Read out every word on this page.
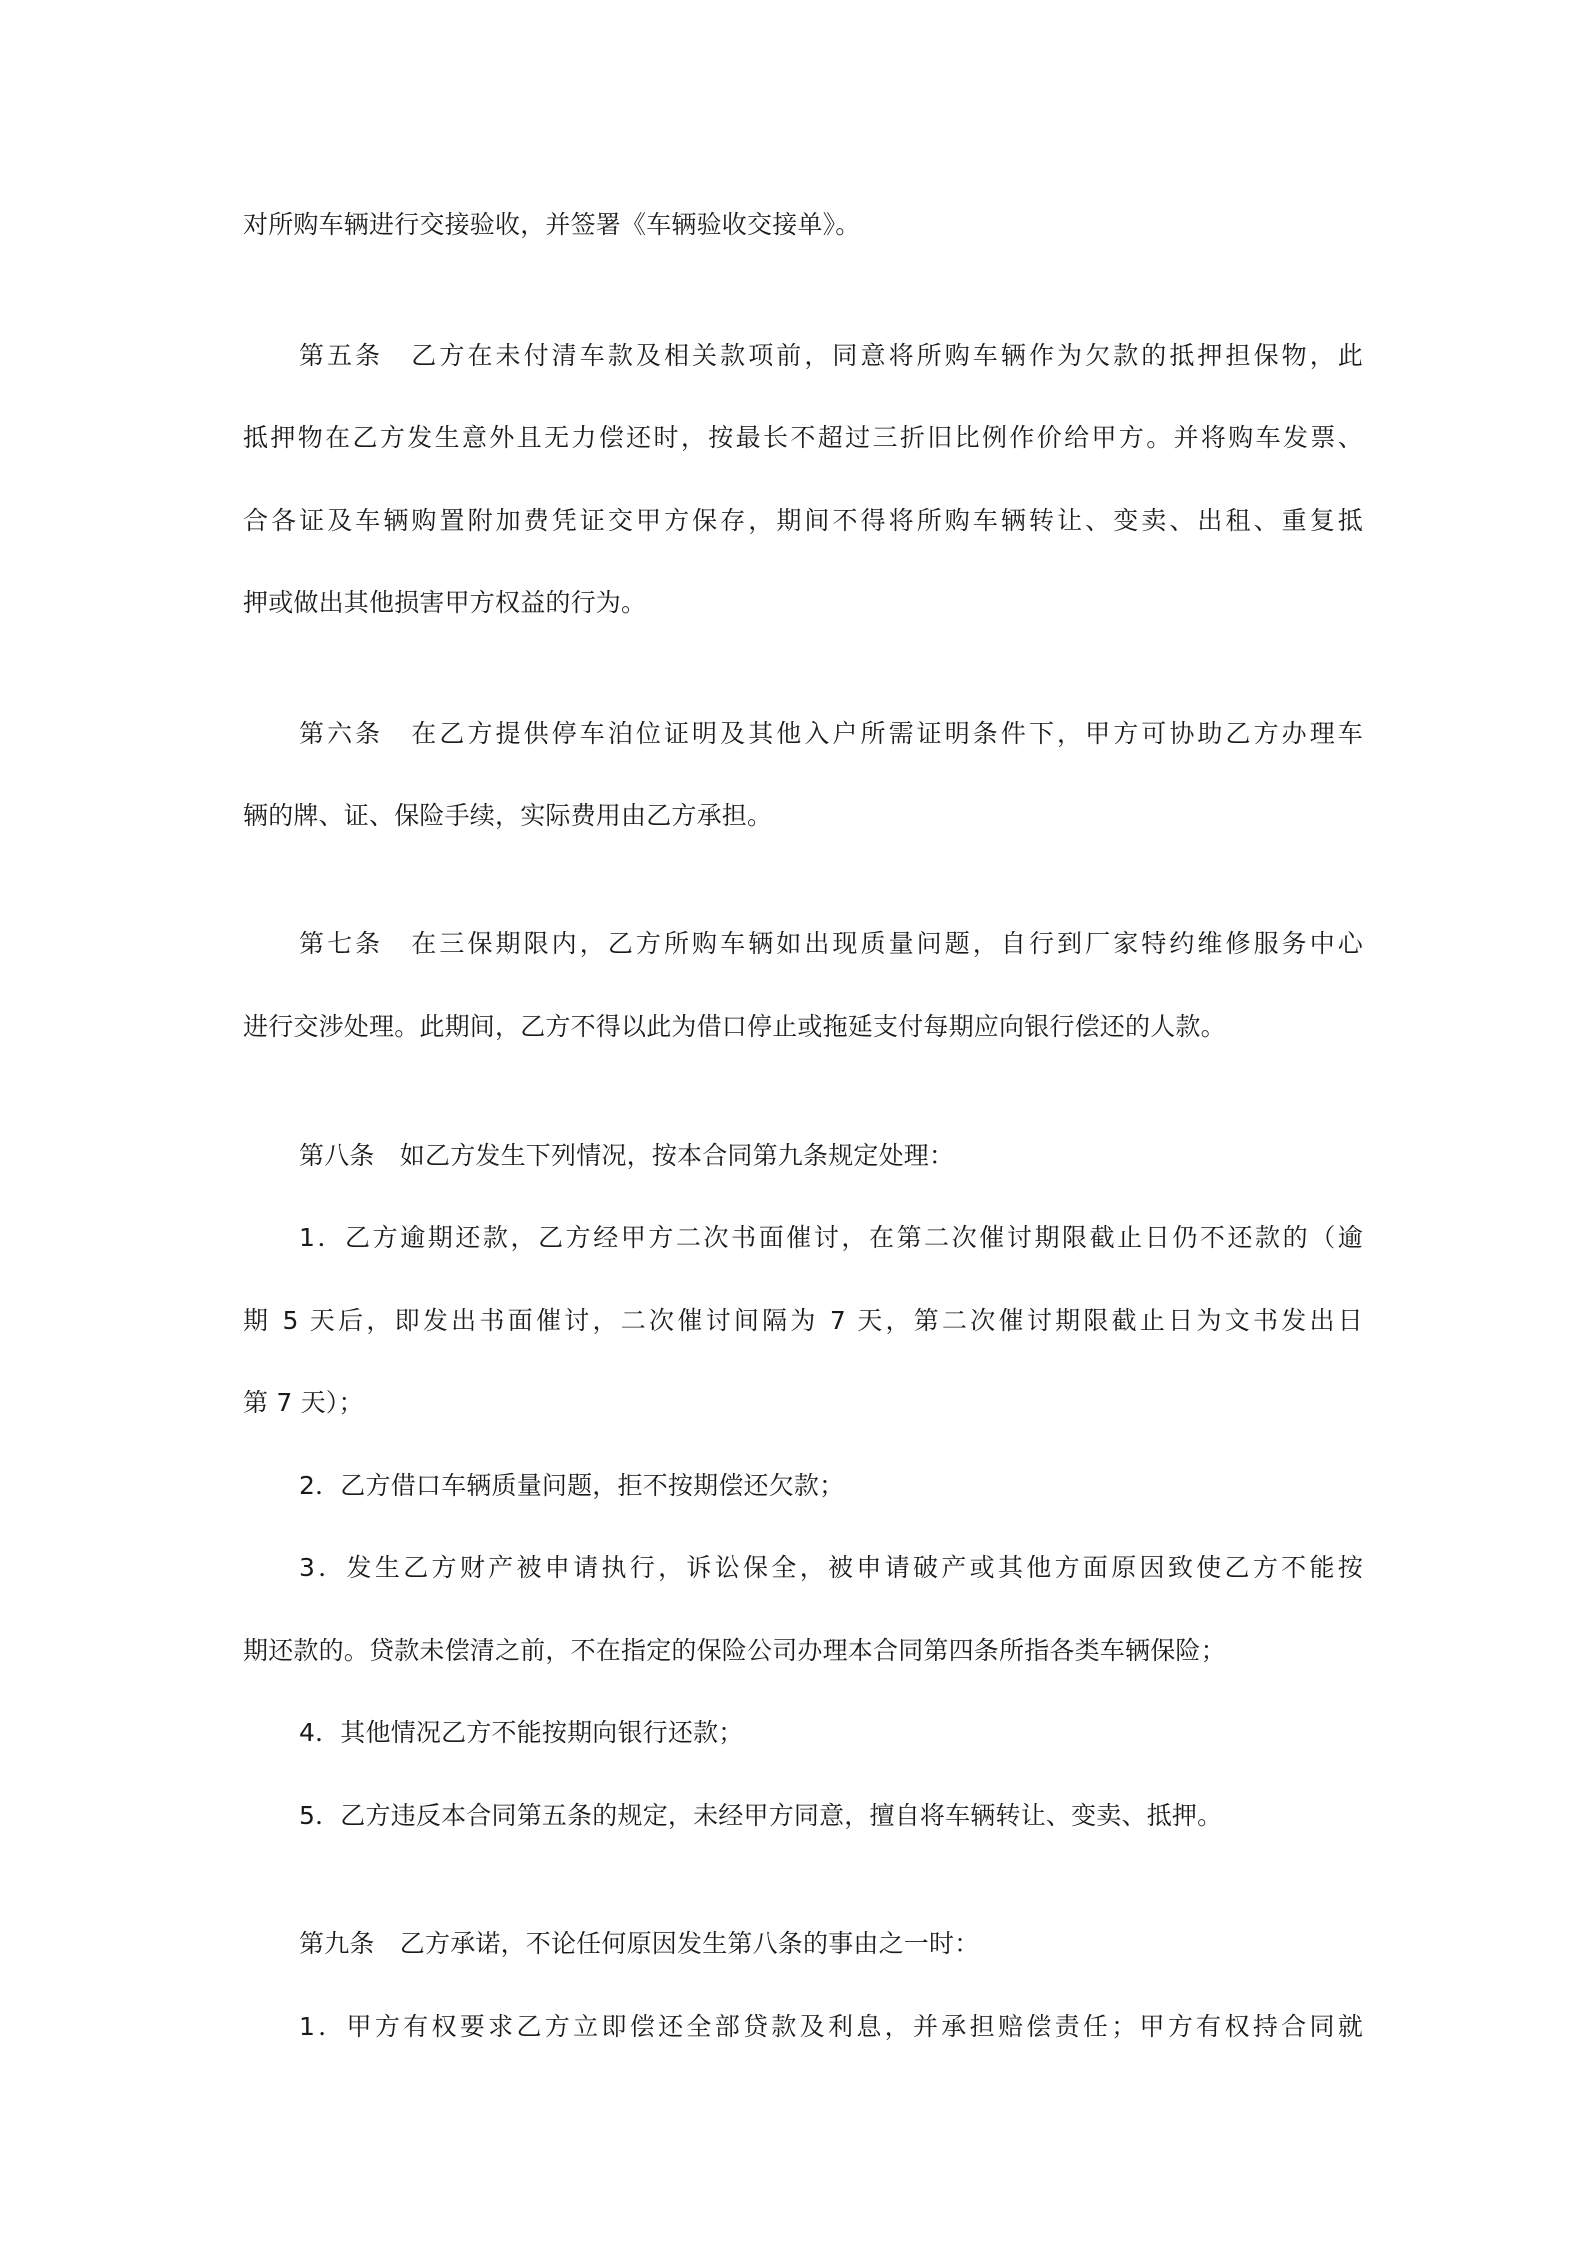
对所购车辆进行交接验收，并签署《车辆验收交接单》。
第五条　乙方在未付清车款及相关款项前，同意将所购车辆作为欠款的抵押担保物，此
抵押物在乙方发生意外且无力偿还时，按最长不超过三折旧比例作价给甲方。并将购车发票、
合各证及车辆购置附加费凭证交甲方保存，期间不得将所购车辆转让、变卖、出租、重复抵
押或做出其他损害甲方权益的行为。
第六条　在乙方提供停车泊位证明及其他入户所需证明条件下，甲方可协助乙方办理车
辆的牌、证、保险手续，实际费用由乙方承担。
第七条　在三保期限内，乙方所购车辆如出现质量问题，自行到厂家特约维修服务中心
进行交涉处理。此期间，乙方不得以此为借口停止或拖延支付每期应向银行偿还的人款。
第八条　如乙方发生下列情况，按本合同第九条规定处理：
1．乙方逾期还款，乙方经甲方二次书面催讨，在第二次催讨期限截止日仍不还款的（逾
期 5 天后，即发出书面催讨，二次催讨间隔为 7 天，第二次催讨期限截止日为文书发出日
第 7 天）；
2．乙方借口车辆质量问题，拒不按期偿还欠款；
3．发生乙方财产被申请执行，诉讼保全，被申请破产或其他方面原因致使乙方不能按
期还款的。贷款未偿清之前，不在指定的保险公司办理本合同第四条所指各类车辆保险；
4．其他情况乙方不能按期向银行还款；
5．乙方违反本合同第五条的规定，未经甲方同意，擅自将车辆转让、变卖、抵押。
第九条　乙方承诺，不论任何原因发生第八条的事由之一时：
1．甲方有权要求乙方立即偿还全部贷款及利息，并承担赔偿责任；甲方有权持合同就
